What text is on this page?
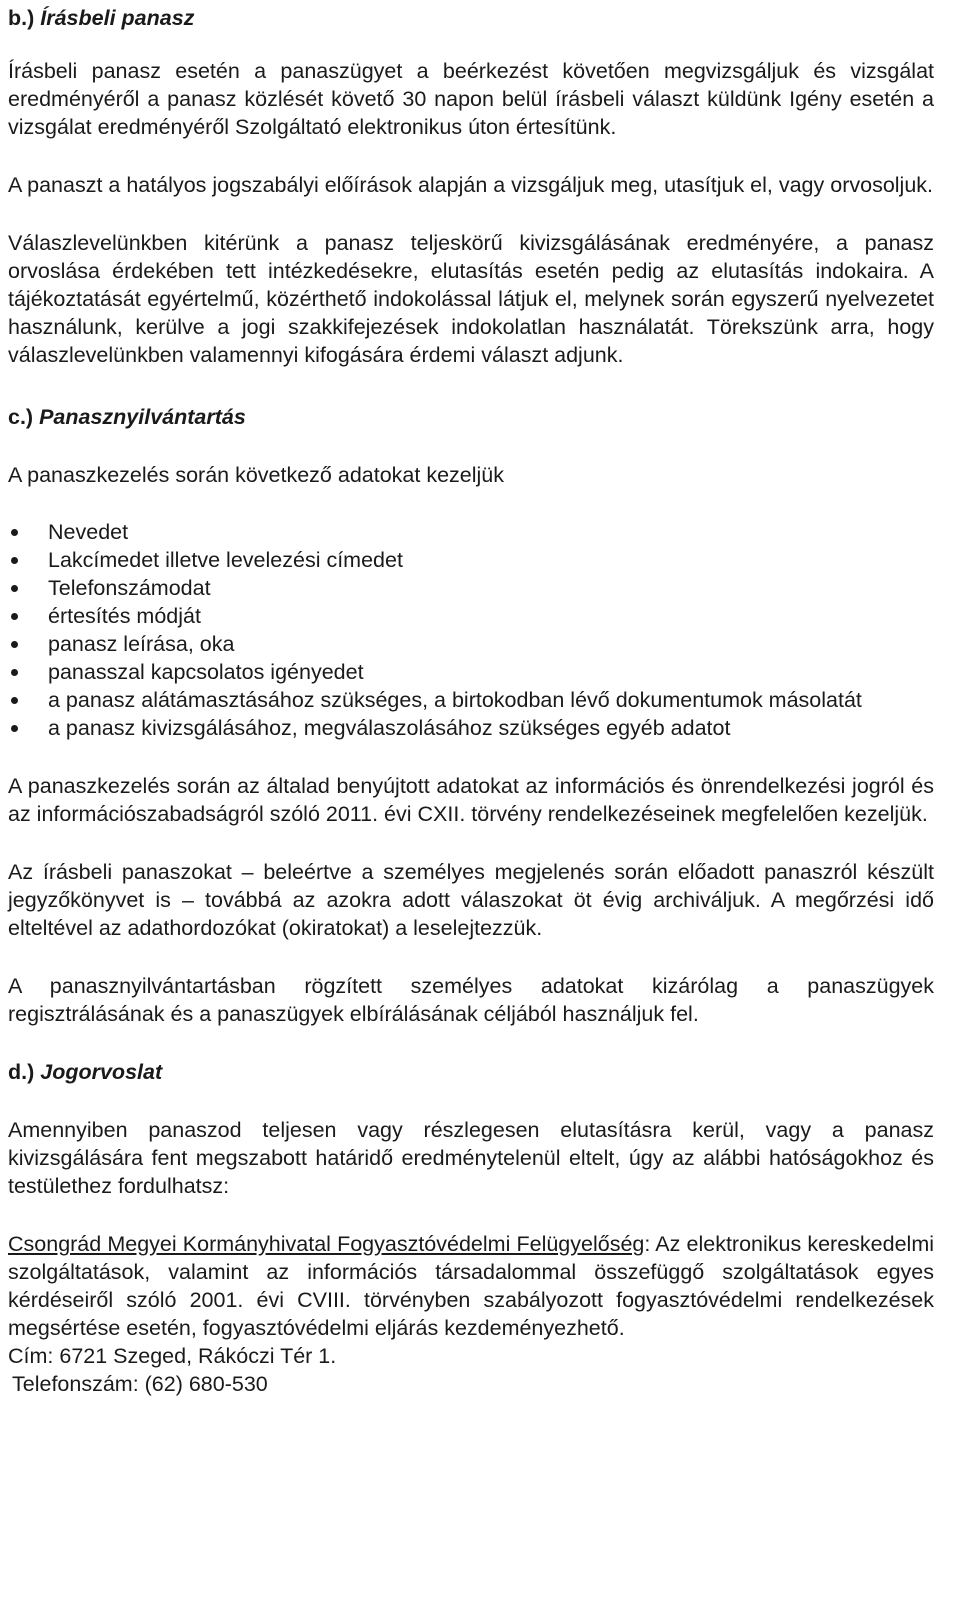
b.) Írásbeli panasz

Írásbeli panasz esetén a panaszügyet a beérkezést követően megvizsgáljuk és vizsgálat eredményéről a panasz közlését követő 30 napon belül írásbeli választ küldünk Igény esetén a vizsgálat eredményéről Szolgáltató elektronikus úton értesítünk.

A panaszt a hatályos jogszabályi előírások alapján a vizsgáljuk meg, utasítjuk el, vagy orvosoljuk.

Válaszlevelünkben kitérünk a panasz teljeskörű kivizsgálásának eredményére, a panasz orvoslása érdekében tett intézkedésekre, elutasítás esetén pedig az elutasítás indokaira. A tájékoztatását egyértelmű, közérthető indokolással látjuk el, melynek során egyszerű nyelvezetet használunk, kerülve a jogi szakkifejezések indokolatlan használatát. Törekszünk arra, hogy válaszlevelünkben valamennyi kifogására érdemi választ adjunk.

c.) Panasznyilvántartás

A panaszkezelés során következő adatokat kezeljük

Nevedet
Lakcímedet illetve levelezési címedet
Telefonszámodat
értesítés módját
panasz leírása, oka
panasszal kapcsolatos igényedet
a panasz alátámasztásához szükséges, a birtokodban lévő dokumentumok másolatát
a panasz kivizsgálásához, megválaszolásához szükséges egyéb adatot

A panaszkezelés során az általad benyújtott adatokat az információs és önrendelkezési jogról és az információszabadságról szóló 2011. évi CXII. törvény rendelkezéseinek megfelelően kezeljük.

Az írásbeli panaszokat – beleértve a személyes megjelenés során előadott panaszról készült jegyzőkönyvet is – továbbá az azokra adott válaszokat öt évig archiváljuk. A megőrzési idő elteltével az adathordozókat (okiratokat) a leselejtezzük.

A panasznyilvántartásban rögzített személyes adatokat kizárólag a panaszügyek regisztrálásának és a panaszügyek elbírálásának céljából használjuk fel.

d.) Jogorvoslat

Amennyiben panaszod teljesen vagy részlegesen elutasításra kerül, vagy a panasz kivizsgálására fent megszabott határidő eredménytelenül eltelt, úgy az alábbi hatóságokhoz és testülethez fordulhatsz:

Csongrád Megyei Kormányhivatal Fogyasztóvédelmi Felügyelőség: Az elektronikus kereskedelmi szolgáltatások, valamint az információs társadalommal összefüggő szolgáltatások egyes kérdéseiről szóló 2001. évi CVIII. törvényben szabályozott fogyasztóvédelmi rendelkezések megsértése esetén, fogyasztóvédelmi eljárás kezdeményezhető.

Cím: 6721 Szeged, Rákóczi Tér 1.

Telefonszám: (62) 680-530
